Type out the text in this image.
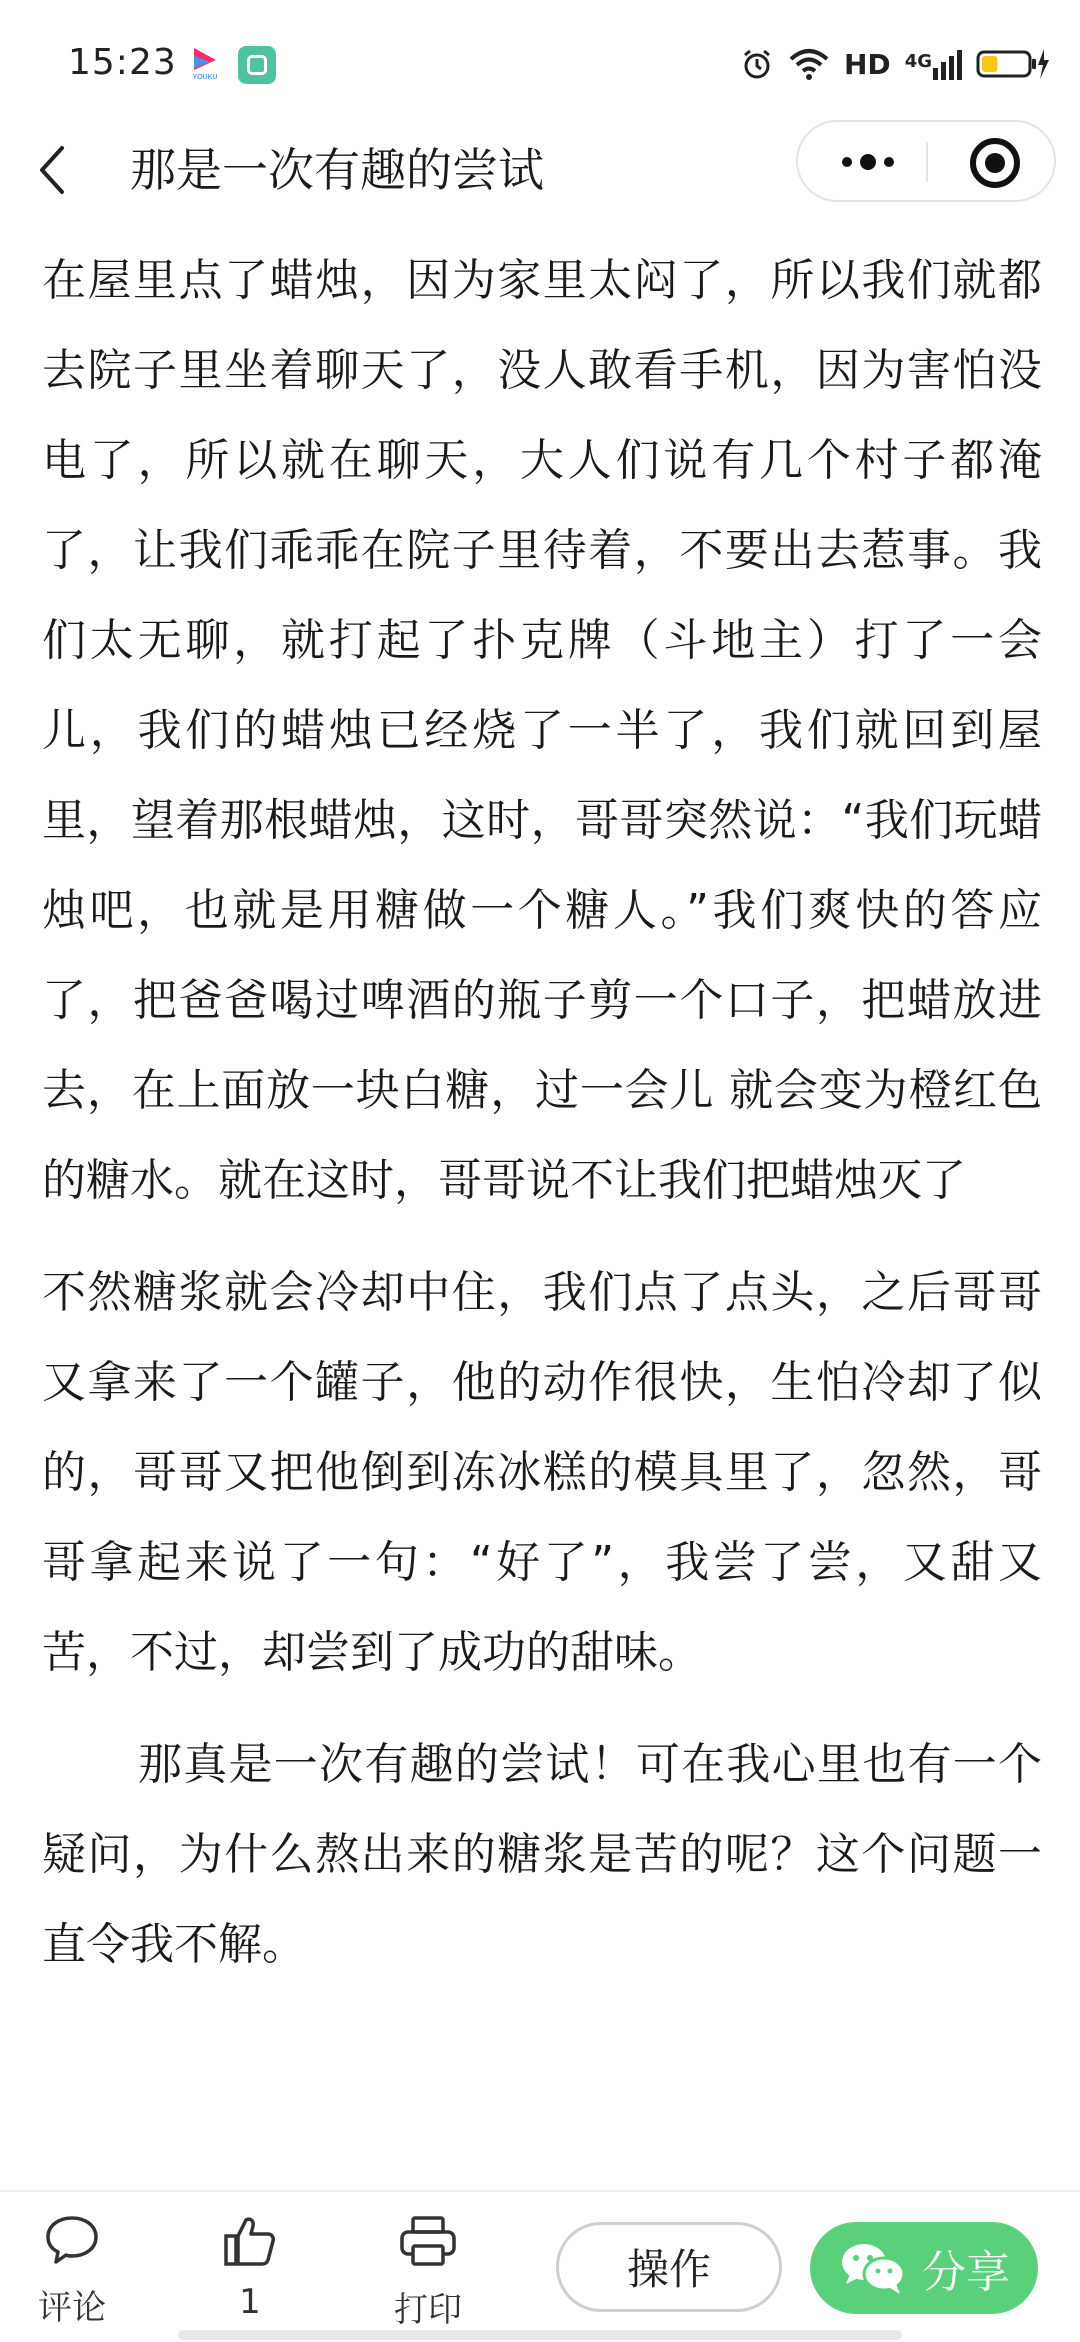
15:23 YOUKU	HD 4G
那是一次有趣的尝试

在屋里点了蜡烛，因为家里太闷了，所以我们就都去院子里坐着聊天了，没人敢看手机，因为害怕没电了，所以就在聊天，大人们说有几个村子都淹了，让我们乖乖在院子里待着，不要出去惹事。我们太无聊，就打起了扑克牌（斗地主）打了一会儿，我们的蜡烛已经烧了一半了，我们就回到屋里，望着那根蜡烛，这时，哥哥突然说：“我们玩蜡烛吧，也就是用糖做一个糖人。”我们爽快的答应了，把爸爸喝过啤酒的瓶子剪一个口子，把蜡放进去，在上面放一块白糖，过一会儿 就会变为橙红色的糖水。就在这时，哥哥说不让我们把蜡烛灭了

不然糖浆就会冷却中住，我们点了点头，之后哥哥又拿来了一个罐子，他的动作很快，生怕冷却了似的，哥哥又把他倒到冻冰糕的模具里了，忽然，哥哥拿起来说了一句：“好了”，我尝了尝，又甜又苦，不过，却尝到了成功的甜味。

那真是一次有趣的尝试！可在我心里也有一个疑问，为什么熬出来的糖浆是苦的呢？这个问题一直令我不解。

评论	1	打印
操作	分享
